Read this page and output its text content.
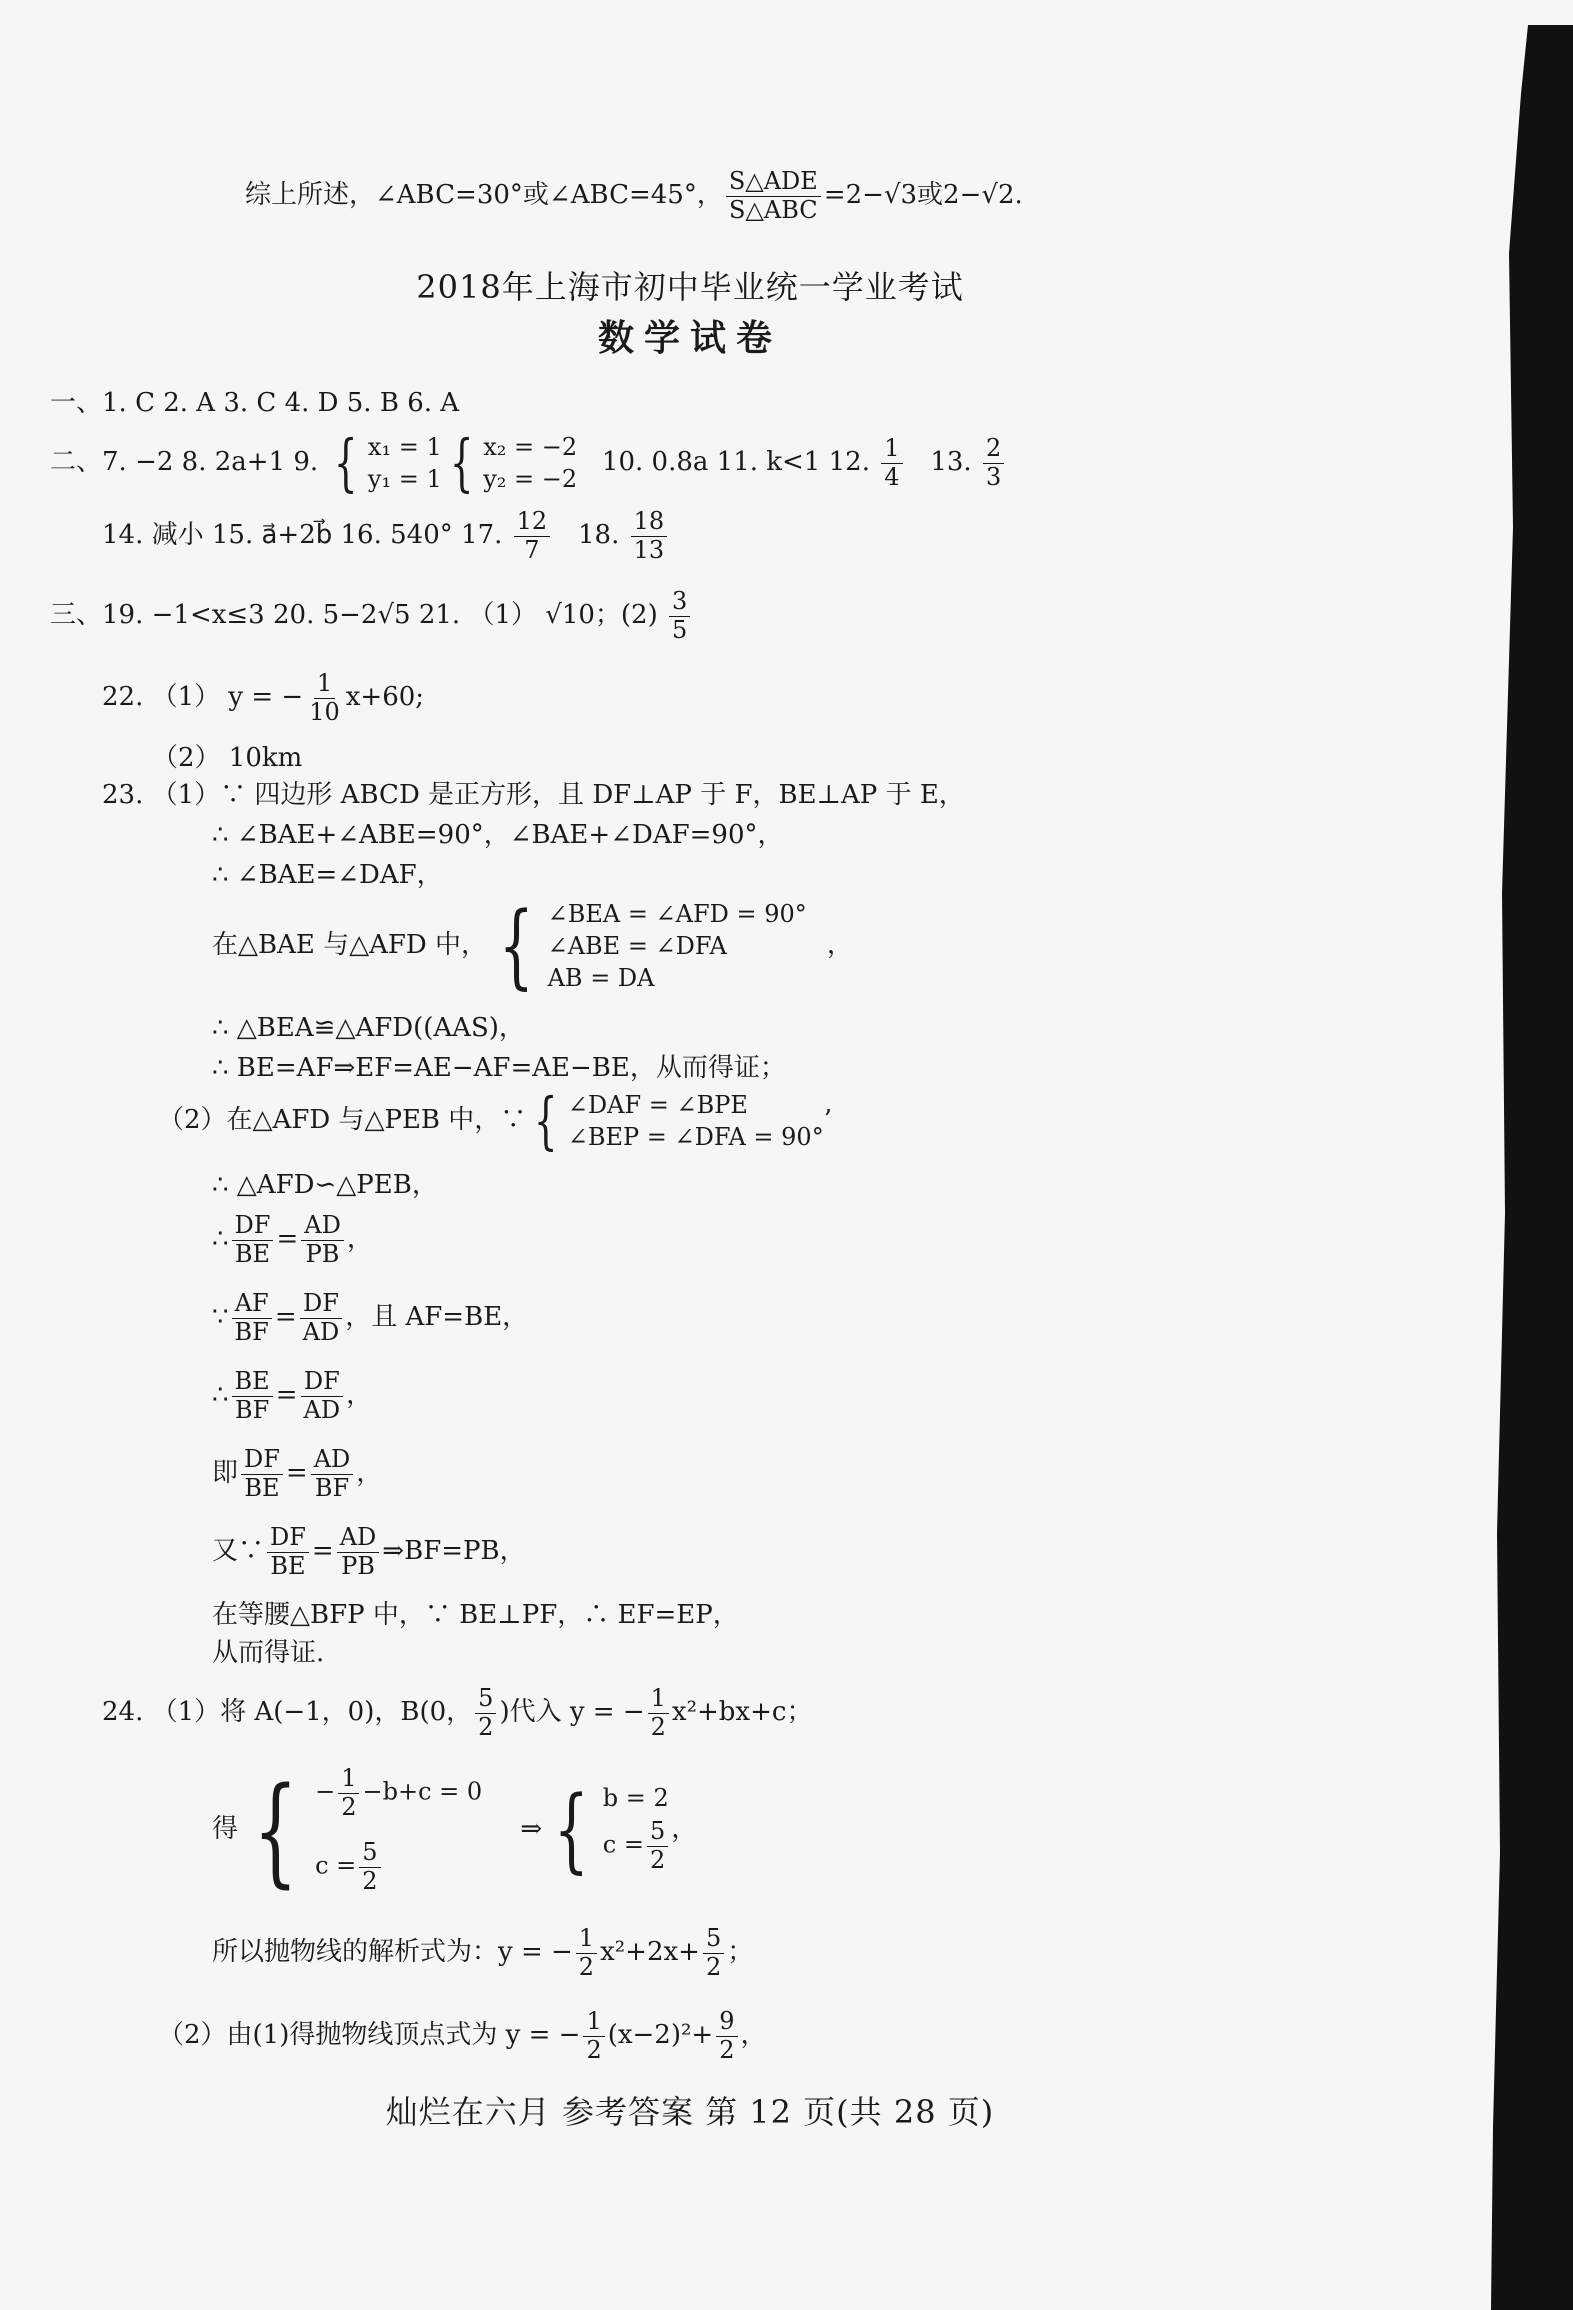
综上所述，∠ABC=30°或∠ABC=45°， $\frac{\text{S△ADE}}{\text{S△ABC}} =2-√3$或2−√2.
2018年上海市初中毕业统一学业考试
数学试卷
一、1. C 2. A 3. C 4. D 5. B 6. A
二、7. −2 8. 2a+1 9. { x₁ = 1
y₁ = 1 { x₂ = −2
y₂ = −2
10. 0.8a 11. k<1 12. $\frac{1}{4} 13$. $\frac{2}{3}$
14. 减小 15. a⃗+2b⃗ 16. 540° 17. $\frac{12}{7} 18$. $\frac{18}{13}$
三、19. −1<x≤3 20. 5−2√5 21. （1） √10；$(2) \frac{3}{5}$
22. （1） y = − $\frac{1}{10} x+60$;
（2） 10km
23. （1）∵ 四边形 ABCD 是正方形，且 DF⊥AP 于 F，BE⊥AP 于 E，
∴ ∠BAE+∠ABE=90°，∠BAE+∠DAF=90°，
∴ ∠BAE=∠DAF，
在△BAE 与△AFD 中， { ∠BEA = ∠AFD = 90°
∠ABE = ∠DFA
AB = DA
，
∴ △BEA≌△AFD((AAS)，
∴ BE=AF⇒EF=AE−AF=AE−BE，从而得证；
（2）在△AFD 与△PEB 中，∵ { ∠DAF = ∠BPE
∠BEP = ∠DFA = 90°
’
∴ △AFD∽△PEB，
∴ $\frac{DF}{BE} = \frac{AD}{PB}$ ，
∵ $\frac{AF}{BF} = \frac{DF}{AD}$ ，且 AF=BE，
∴ $\frac{BE}{BF} = \frac{DF}{AD}$ ，
即 $\frac{DF}{BE} = \frac{AD}{BF}$ ，
又∵ $\frac{DF}{BE} = \frac{AD}{PB}$ ⇒BF=PB，
在等腰△BFP 中，∵ BE⊥PF，∴ EF=EP，
从而得证.
24. （1）将 A(−1，0)，B(0， $\frac{5}{2}$ )代入 y = − $\frac{1}{2} x^2+bx+c$；
得 { − $\frac{1}{2} -b+c = 0$
$c = \frac{5}{2}$
⇒ { b = 2
$c = \frac{5}{2}$ ，
所以抛物线的解析式为：y = − $\frac{1}{2} x^2+2x+ \frac{5}{2}$ ；
（2）由(1)得抛物线顶点式为 y = − $\frac{1}{2} (x-2)^2+ \frac{9}{2}$ ，
灿烂在六月 参考答案 第 12 页(共 28 页)
